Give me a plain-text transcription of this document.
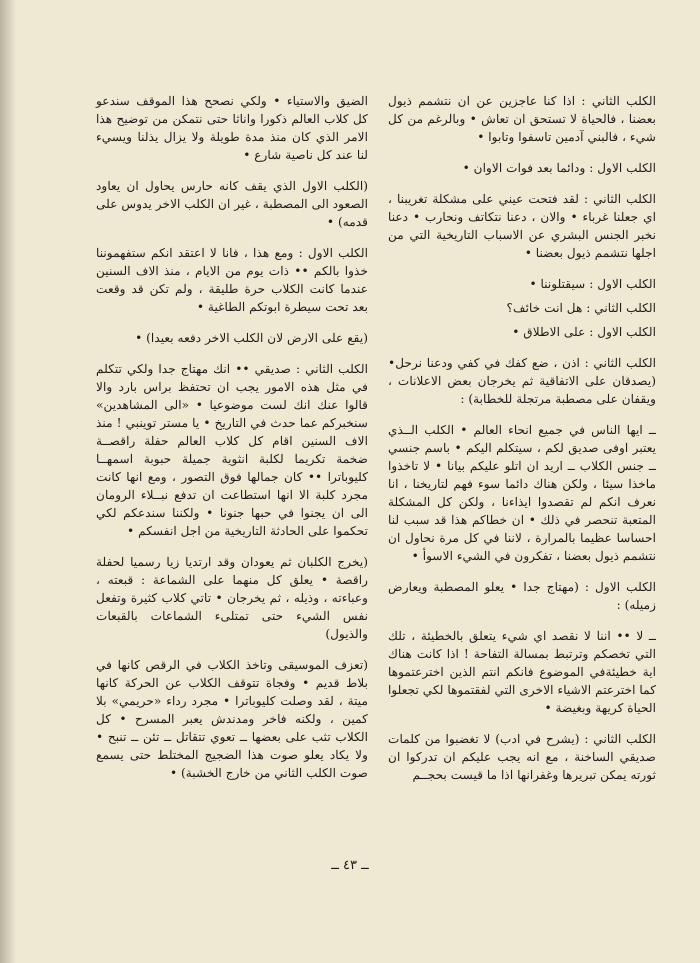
الكلب الثاني : اذا كنا عاجزين عن ان نتشمم ذيول بعضنا ، فالحياة لا تستحق ان تعاش • وبالرغم من كل شيء ، فالبني آدمين تاسفوا وتابوا •

الكلب الاول : ودائما بعد فوات الاوان •

الكلب الثاني : لقد فتحت عيني على مشكلة تغريبنا ، اي جعلنا غرباء • والان ، دعنا نتكاتف ونحارب • دعنا نخبر الجنس البشري عن الاسباب التاريخية التي من اجلها نتشمم ذيول بعضنا •

الكلب الاول : سيقتلوننا •

الكلب الثاني : هل انت خائف؟

الكلب الاول : على الاطلاق •

الكلب الثاني : اذن ، ضع كفك في كفي ودعنا نرحل• (يصدقان على الاتفاقية ثم يخرجان بعض الاعلانات ، ويقفان على مصطبة مرتجلة للخطابة) :

ــ ايها الناس في جميع انحاء العالم • الكلب الــذي يعتبر اوفى صديق لكم ، سيتكلم اليكم • باسم جنسي ــ جنس الكلاب ــ اريد ان اتلو عليكم بيانا • لا تاخذوا ماخذا سيئا ، ولكن هناك دائما سوء فهم لتاريخنا ، انا نعرف انكم لم تقصدوا ايذاءنا ، ولكن كل المشكلة المتعبة تنحصر في ذلك • ان خطاكم هذا قد سبب لنا احساسا عظيما بالمرارة ، لاننا في كل مرة نحاول ان نتشمم ذيول بعضنا ، تفكرون في الشيء الاسوأ •

الكلب الاول : (مهتاج جدا • يعلو المصطبة ويعارض زميله) :

ــ لا •• اننا لا نقصد اي شيء يتعلق بالخطيئة ، تلك التي تخصكم وترتبط بمسالة التفاحة ! اذا كانت هناك اية خطيئةفي الموضوع فانكم انتم الذين اخترعتموها كما اخترعتم الاشياء الاخرى التي لفقتموها لكي تجعلوا الحياة كريهة وبغيضة •

الكلب الثاني : (يشرح في ادب) لا تغضبوا من كلمات صديقي الساخنة ، مع انه يجب عليكم ان تدركوا ان ثورته يمكن تبريرها وغفرانها اذا ما قيست بحجــم

الضيق والاستياء • ولكي نصحح هذا الموقف سندعو كل كلاب العالم ذكورا واناثا حتى نتمكن من توضيح هذا الامر الذي كان منذ مدة طويلة ولا يزال يذلنا ويسيء لنا عند كل ناصية شارع •

(الكلب الاول الذي يقف كانه حارس يحاول ان يعاود الصعود الى المصطبة ، غير ان الكلب الاخر يدوس على قدمه) •

الكلب الاول : ومع هذا ، فانا لا اعتقد انكم ستفهموننا خذوا بالكم •• ذات يوم من الايام ، منذ الاف السنين عندما كانت الكلاب حرة طليقة ، ولم تكن قد وقعت بعد تحت سيطرة ابوتكم الطاغية •

(يقع على الارض لان الكلب الاخر دفعه بعيدا) •

الكلب الثاني : صديقي •• انك مهتاج جدا ولكي تتكلم في مثل هذه الامور يجب ان تحتفظ براس بارد والا قالوا عنك انك لست موضوعيا • «الى المشاهدين» سنخبركم عما حدث في التاريخ • يا مستر توينبي ! منذ الاف السنين اقام كل كلاب العالم حفلة راقصــة ضخمة تكريما لكلبة انثوية جميلة حبوبة اسمهــا كليوباترا •• كان جمالها فوق التصور ، ومع انها كانت مجرد كلبة الا انها استطاعت ان تدفع نبــلاء الرومان الى ان يجنوا في حبها جنونا • ولكننا سندعكم لكي تحكموا على الحادثة التاريخية من اجل انفسكم •

(يخرج الكلبان ثم يعودان وقد ارتديا زيا رسميا لحفلة راقصة • يعلق كل منهما على الشماعة : قبعته ، وعباءته ، وذيله ، ثم يخرجان • تاتي كلاب كثيرة وتفعل نفس الشيء حتى تمتلىء الشماعات بالقبعات والذيول)

(تعزف الموسيقى وتاخذ الكلاب في الرقص كانها في بلاط قديم • وفجاة تتوقف الكلاب عن الحركة كانها ميتة ، لقد وصلت كليوباترا • مجرد رداء «حريمي» بلا كمين ، ولكنه فاخر ومدندش يعبر المسرح • كل الكلاب تثب على بعضها ــ تعوي تتقاتل ــ تئن ــ تنبح • ولا يكاد يعلو صوت هذا الضجيج المختلط حتى يسمع صوت الكلب الثاني من خارج الخشبة) •

ــ ٤٣ ــ
